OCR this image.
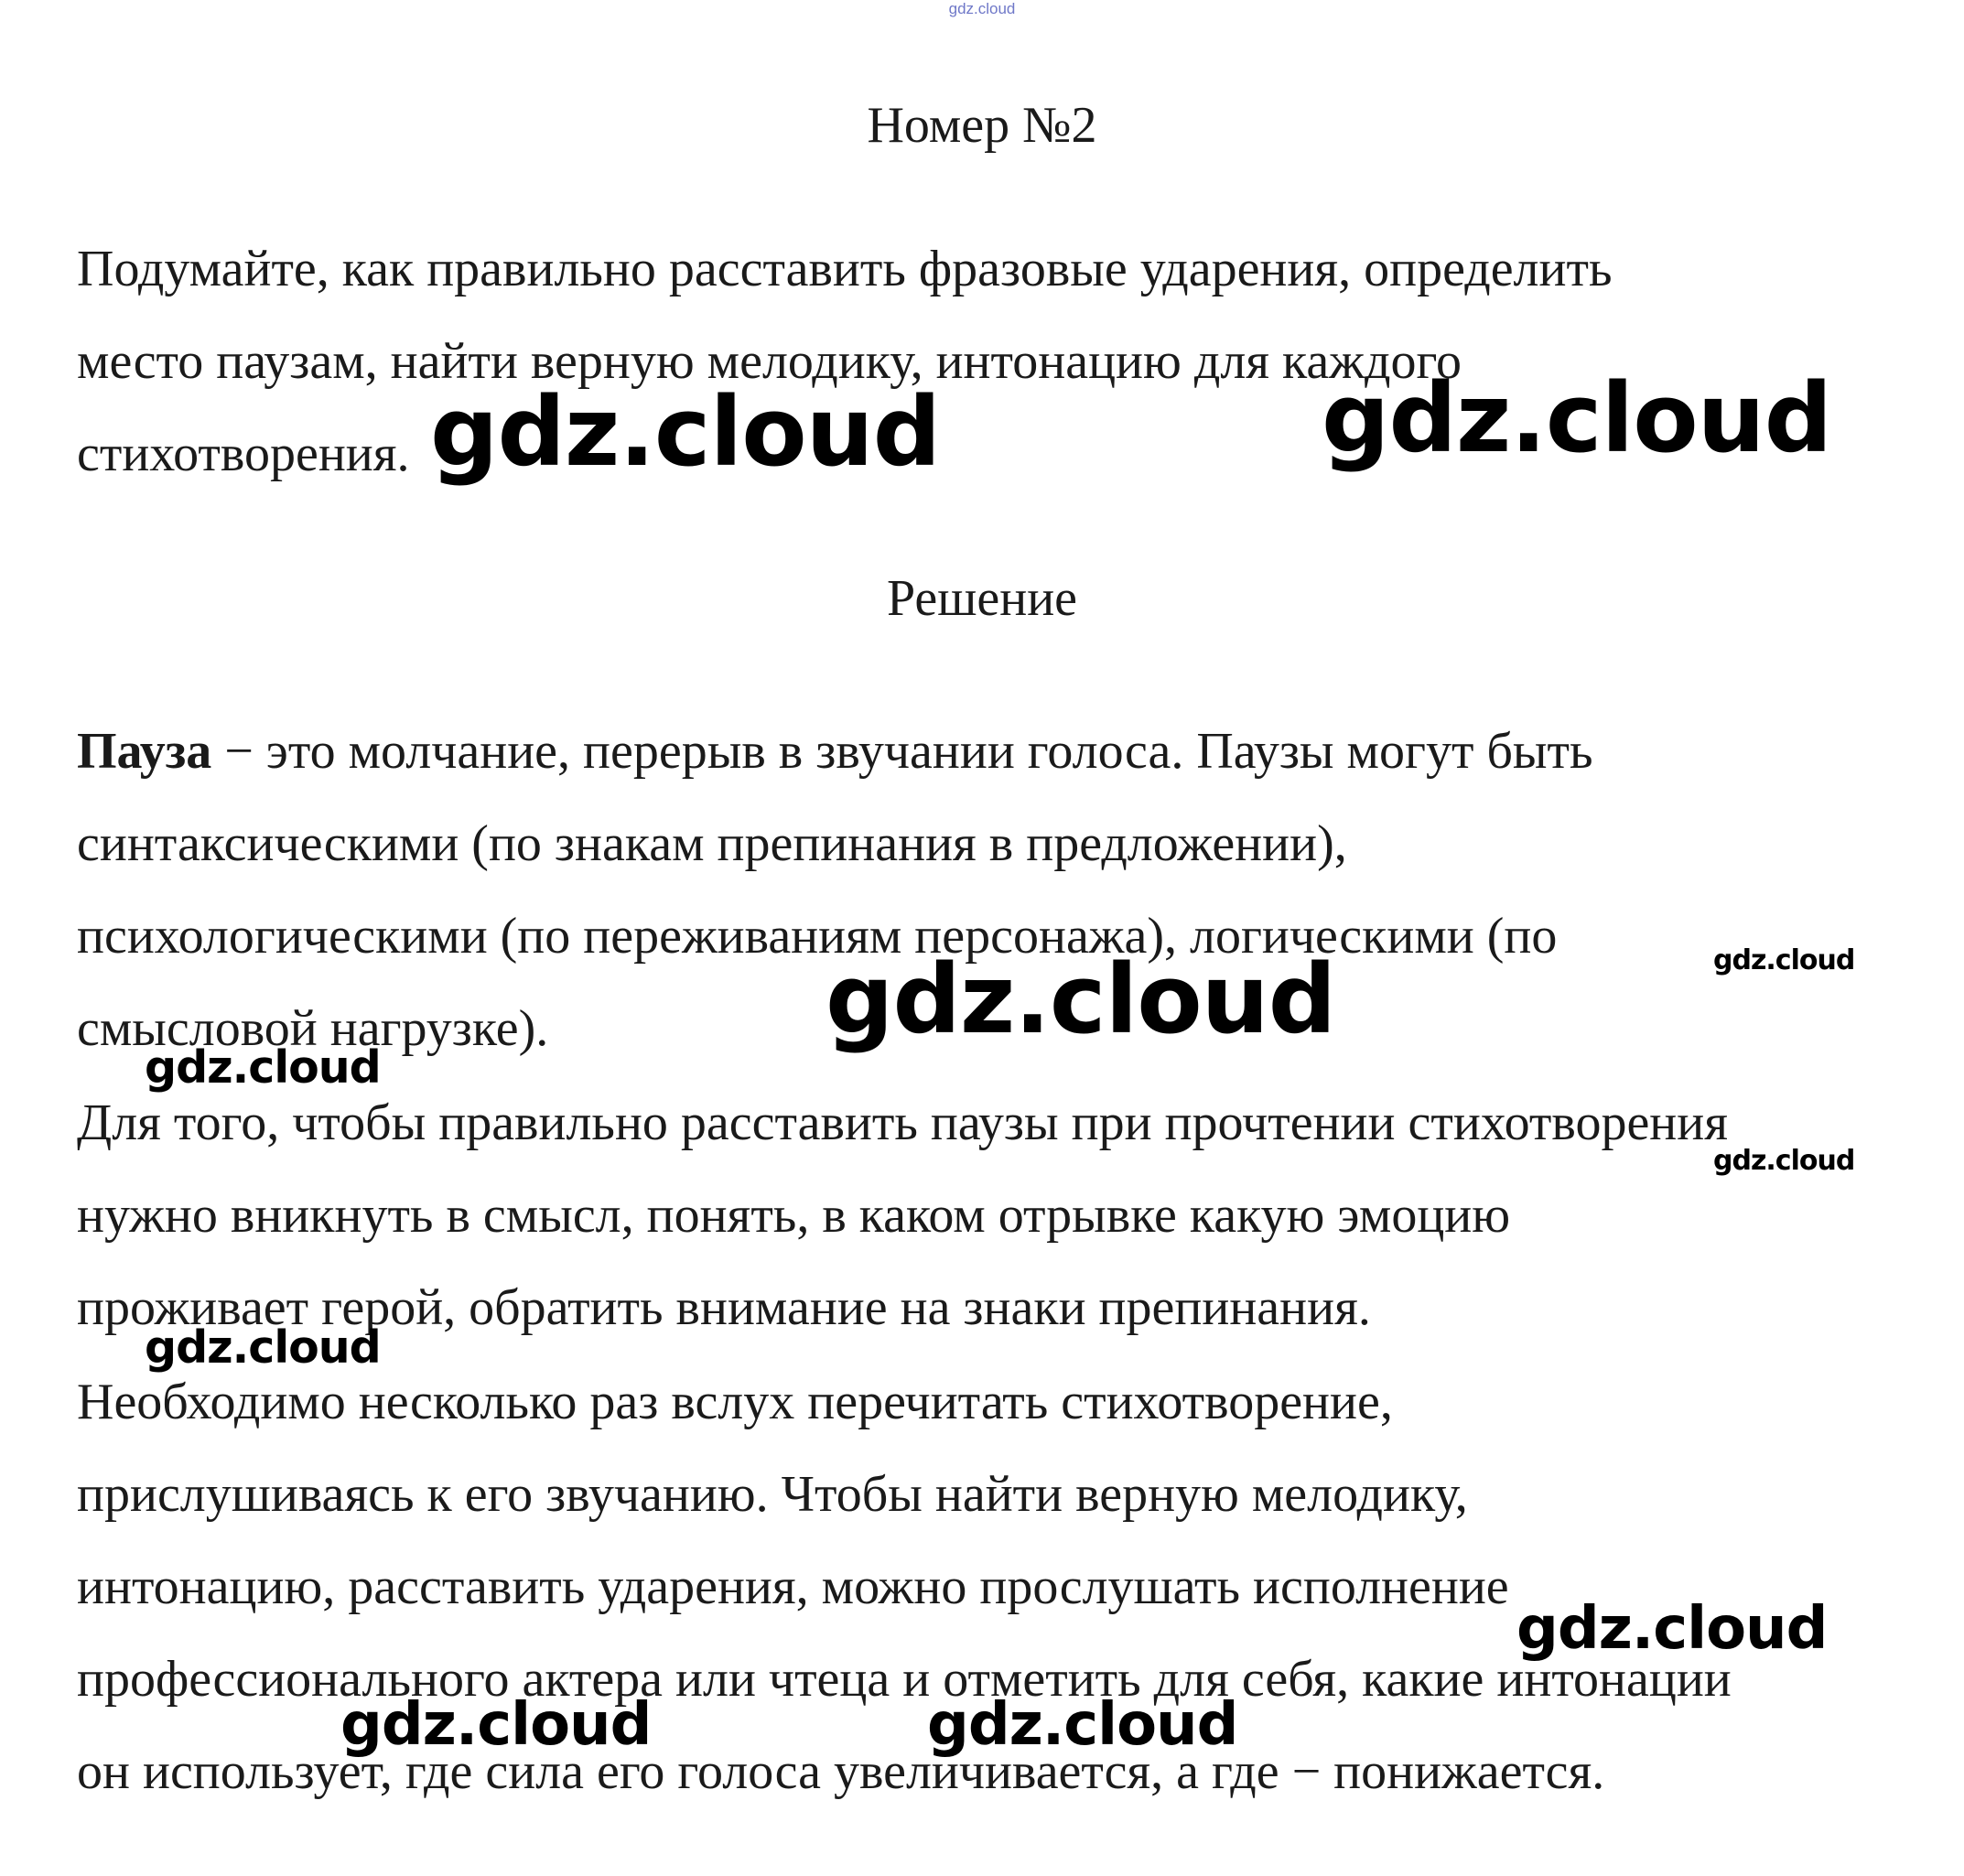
gdz.cloud
Номер №2

Подумайте, как правильно расставить фразовые ударения, определить
место паузам, найти верную мелодику, интонацию для каждого
стихотворения.

Решение

Пауза − это молчание, перерыв в звучании голоса. Паузы могут быть
синтаксическими (по знакам препинания в предложении),
психологическими (по переживаниям персонажа), логическими (по
смысловой нагрузке).

Для того, чтобы правильно расставить паузы при прочтении стихотворения
нужно вникнуть в смысл, понять, в каком отрывке какую эмоцию
проживает герой, обратить внимание на знаки препинания.

Необходимо несколько раз вслух перечитать стихотворение,
прислушиваясь к его звучанию. Чтобы найти верную мелодику,
интонацию, расставить ударения, можно прослушать исполнение
профессионального актера или чтеца и отметить для себя, какие интонации
он использует, где сила его голоса увеличивается, а где − понижается.

gdz.cloud	gdz.cloud
gdz.cloud	gdz.cloud
gdz.cloud
gdz.cloud
gdz.cloud
gdz.cloud
gdz.cloud	gdz.cloud
